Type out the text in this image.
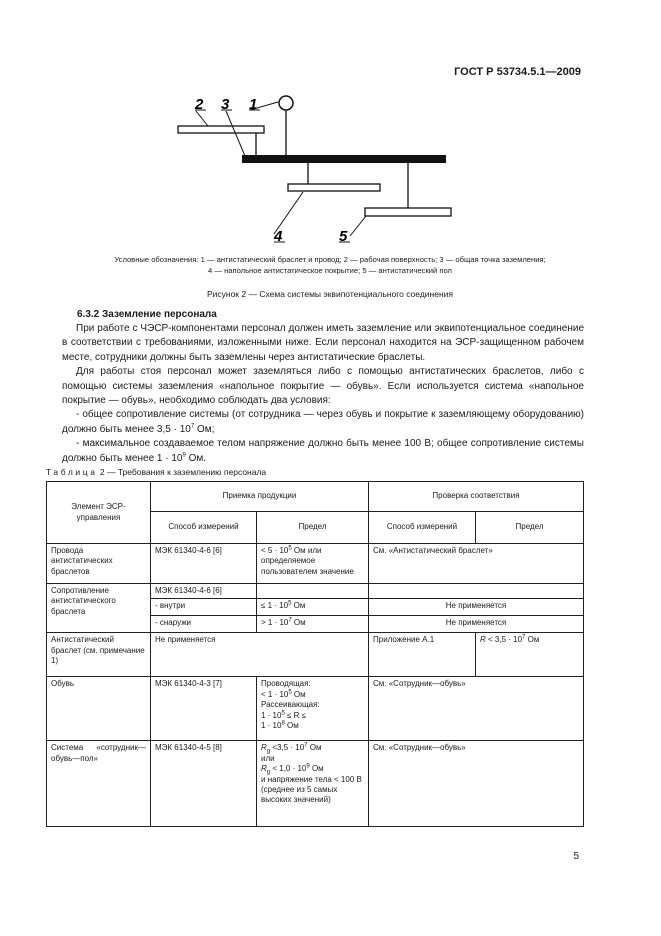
ГОСТ Р 53734.5.1—2009
1
2 3
4	5
Условные обозначения: 1 — антистатический браслет и провод; 2 — рабочая поверхность; 3 — общая точка заземления;
4 — напольное антистатическое покрытие; 5 — антистатический пол
Рисунок 2 — Схема системы эквипотенциального соединения
6.3.2 Заземление персонала

При работе с ЧЭСР-компонентами персонал должен иметь заземление или эквипотенциальное соединение в соответствии с требованиями, изложенными ниже. Если персонал находится на ЭСР-защищенном рабочем месте, сотрудники должны быть заземлены через антистатические браслеты.

Для работы стоя персонал может заземляться либо с помощью антистатических браслетов, либо с помощью системы заземления «напольное покрытие — обувь». Если используется система «напольное покрытие — обувь», необходимо соблюдать два условия:

- общее сопротивление системы (от сотрудника — через обувь и покрытие к заземляющему оборудованию) должно быть менее $3,5 \cdot 10^7$ Ом;

- максимальное создаваемое телом напряжение должно быть менее 100 В; общее сопротивление системы должно быть менее $1 \cdot 10^9$ Ом.

Таблица 2 — Требования к заземлению персонала
Элемент ЭСР-управления	Приемка продукции		Проверка соответствия	
	Способ измерений	Предел	Способ измерений	Предел
Провода антистатических браслетов	МЭК 61340-4-6 [6]	< $5 \cdot 10^5$ Ом или определяемое пользователем значение	См. «Антистатический браслет»	
Сопротивление антистатического браслета	МЭК 61340-4-6 [6]			
	- внутри	≤ $1 \cdot 10^5$ Ом	Не применяется	
	- снаружи	> $1 \cdot 10^7$ Ом	Не применяется	
Антистатический браслет (см. примечание 1)	Не применяется		Приложение А.1	$R < 3,5 \cdot 10^7$ Ом
Обувь	МЭК 61340-4-3 [7]	Проводящая:
< $1 \cdot 10^5$ Ом
Рассеивающая:
$1 \cdot 10^5 \le R$ ≤
$1 \cdot 10^8$ Ом	См. «Сотрудник—обувь»	
Система «сотрудник—обувь—пол»	МЭК 61340-4-5 [8]	$R_g <3,5 \cdot 10^7$ Ом
или
$R_g < 1,0 \cdot 10^9$ Ом
и напряжение тела < 100 В (среднее из 5 самых высоких значений)	См. «Сотрудник—обувь»	
5
